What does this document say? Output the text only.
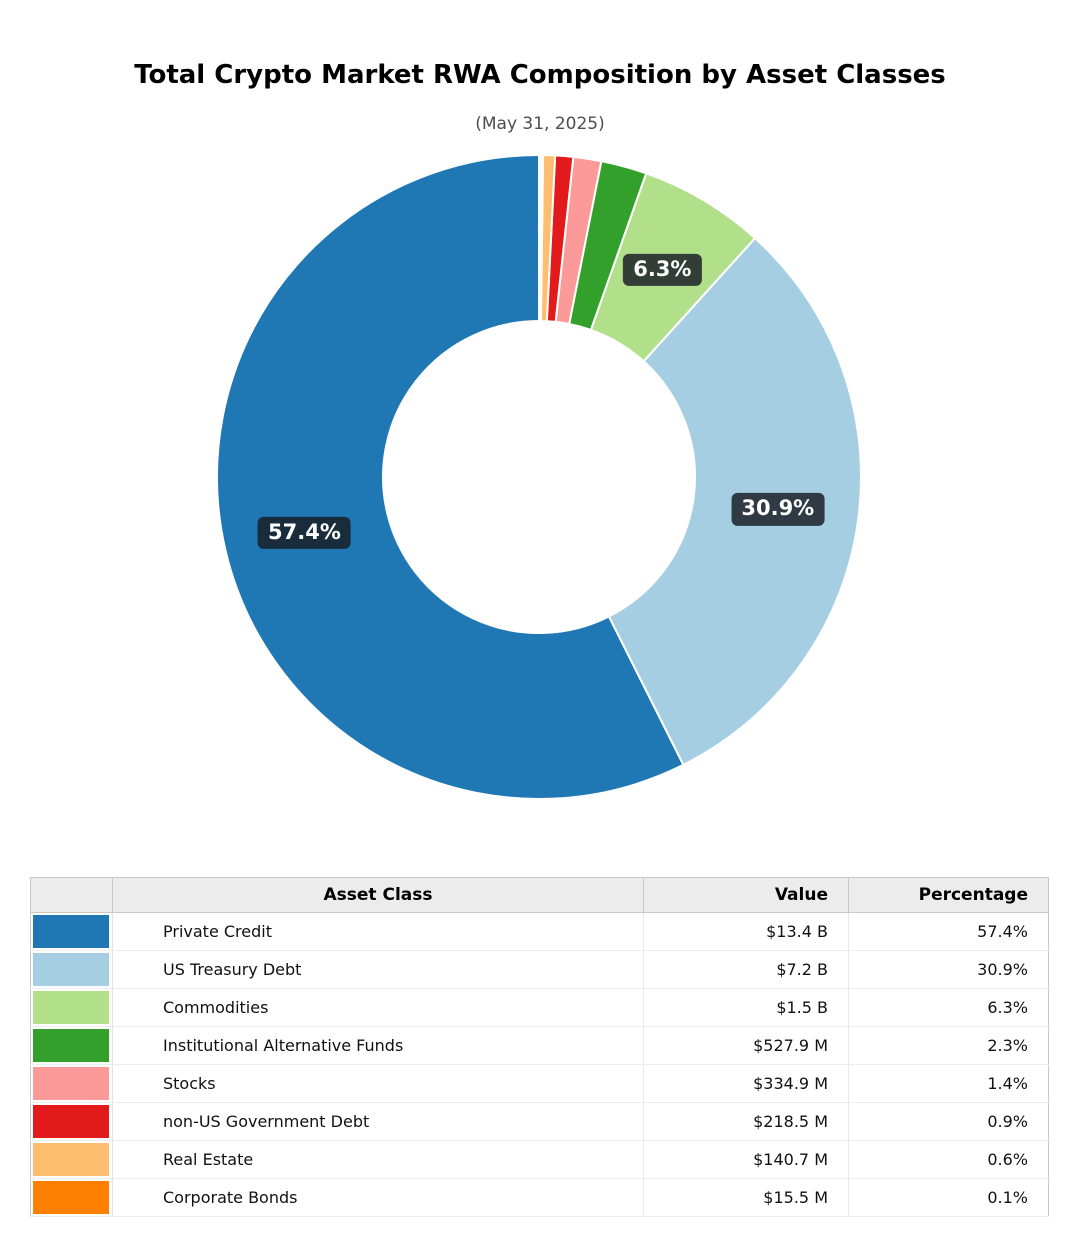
Total Crypto Market RWA Composition by Asset Classes
(May 31, 2025)
57.4%
30.9%
6.3%
	Asset Class	Value	Percentage

	Private Credit	$13.4 B	57.4%

	US Treasury Debt	$7.2 B	30.9%

	Commodities	$1.5 B	6.3%

	Institutional Alternative Funds	$527.9 M	2.3%

	Stocks	$334.9 M	1.4%

	non-US Government Debt	$218.5 M	0.9%

	Real Estate	$140.7 M	0.6%

	Corporate Bonds	$15.5 M	0.1%
